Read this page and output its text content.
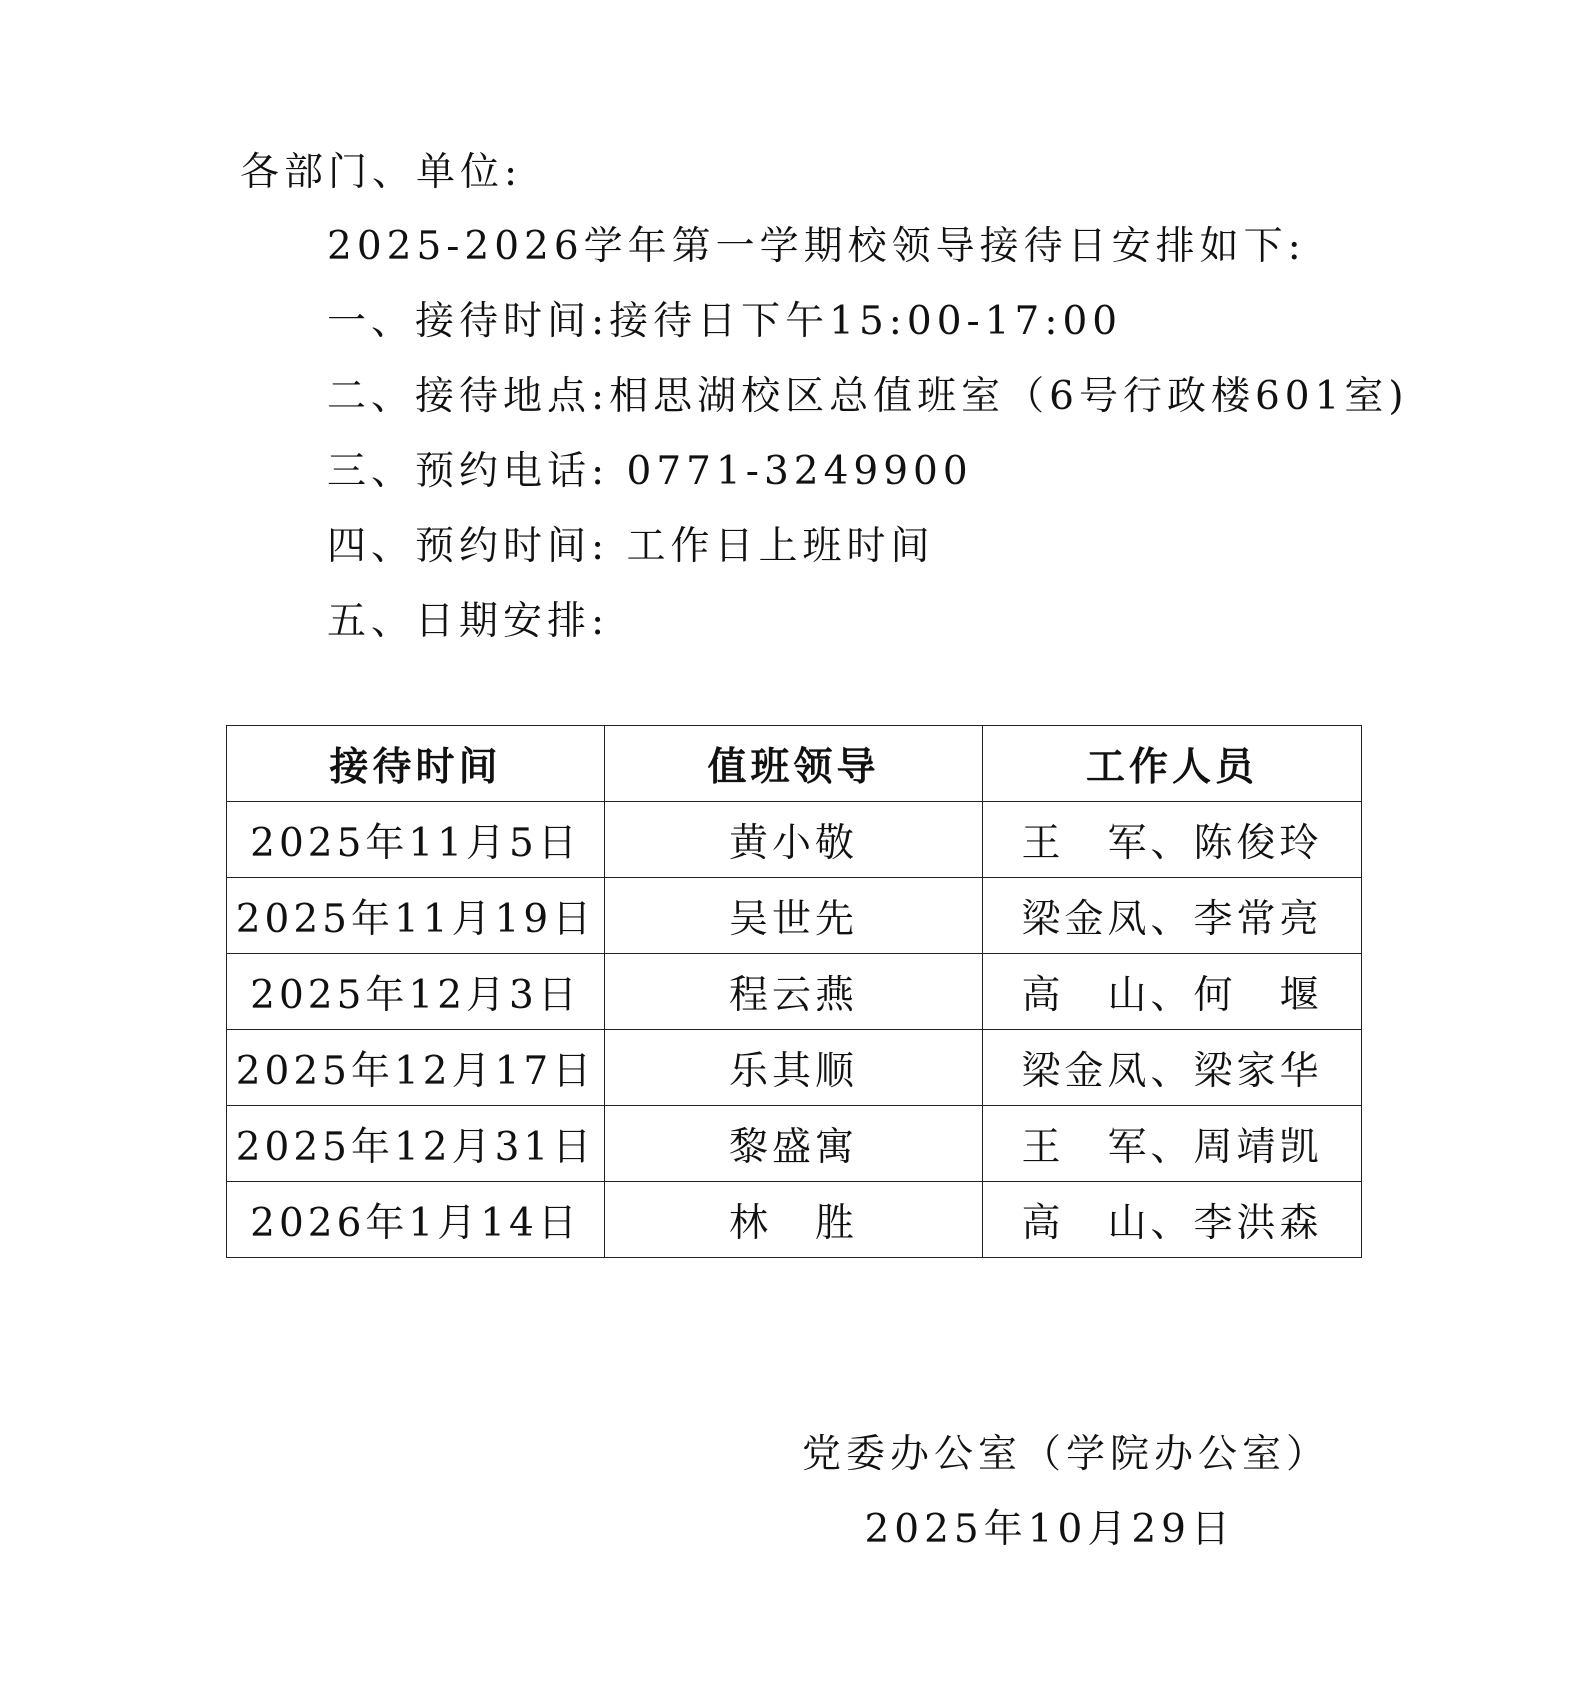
各部门、单位:
2025-2026学年第一学期校领导接待日安排如下:
一、接待时间:接待日下午15:00-17:00
二、接待地点:相思湖校区总值班室（6号行政楼601室)
三、预约电话: 0771-3249900
四、预约时间: 工作日上班时间
五、日期安排:
接待时间	值班领导	工作人员
2025年11月5日	黄小敬	王　军、陈俊玲
2025年11月19日	吴世先	梁金凤、李常亮
2025年12月3日	程云燕	高　山、何　堰
2025年12月17日	乐其顺	梁金凤、梁家华
2025年12月31日	黎盛寓	王　军、周靖凯
2026年1月14日	林　胜	高　山、李洪森
党委办公室（学院办公室）
2025年10月29日
